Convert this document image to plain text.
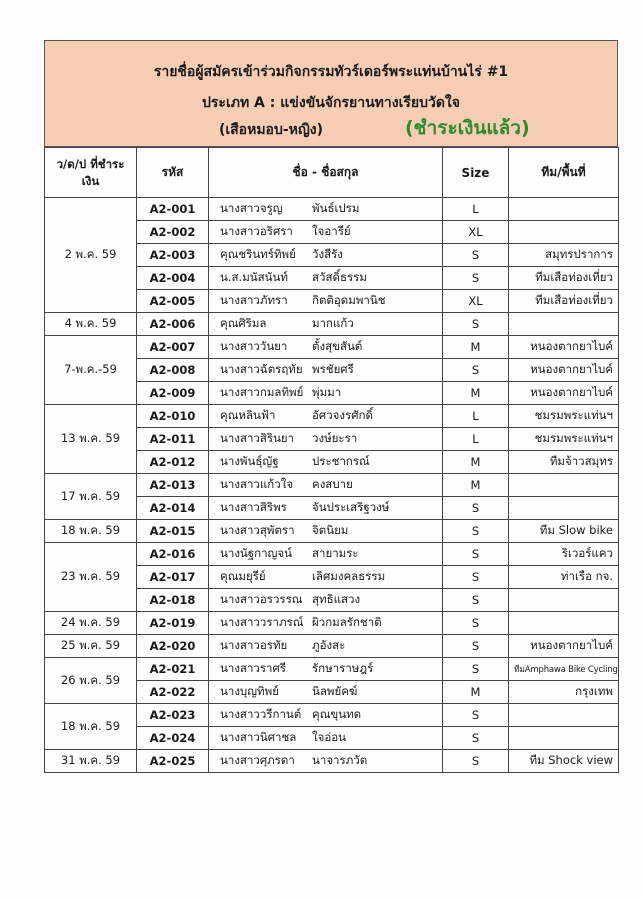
รายชื่อผู้สมัครเข้าร่วมกิจกรรมทัวร์เดอร์พระแท่นบ้านไร่ #1
ประเภท A : แข่งขันจักรยานทางเรียบวัดใจ
(เสือหมอบ-หญิง)	(ชำระเงินแล้ว)
ว/ด/ป ที่ชำระเงิน	รหัส	ชื่อ - ชื่อสกุล	Size	ทีม/พื้นที่
2 พ.ค. 59	A2-001	นางสาวจรูญ พันธ์เปรม	L	
	A2-002	นางสาวอริศรา ใจอารีย์	XL	
	A2-003	คุณชรินทร์ทิพย์ วังสีรัง	S	สมุทรปราการ
	A2-004	น.ส.มนัสนันท์ สวัสดิ์ธรรม	S	ทีมเสือท่องเที่ยว
	A2-005	นางสาวภัทรา กิตติอุดมพานิช	XL	ทีมเสือท่องเที่ยว
4 พ.ค. 59	A2-006	คุณศิริมล มากแก้ว	S	
7-พ.ค.-59	A2-007	นางสาววันยา ตั้งสุขสันต์	M	หนองตากยาไบค์
	A2-008	นางสาวฉัตรฤทัย พรชัยศรี	S	หนองตากยาไบค์
	A2-009	นางสาวกมลทิพย์ พุ่มมา	M	หนองตากยาไบค์
13 พ.ค. 59	A2-010	คุณหลินฟ้า อัศวจงรศักดิ์	L	ชมรมพระแท่นฯ
	A2-011	นางสาวสิรินยา วงษ์ยะรา	L	ชมรมพระแท่นฯ
	A2-012	นางพันธุ์ญัฐ ประชากรณ์	M	ทีมจ้าวสมุทร
17 พ.ค. 59	A2-013	นางสาวแก้วใจ คงสบาย	M	
	A2-014	นางสาวสิริพร จันประเสริฐวงษ์	S	
18 พ.ค. 59	A2-015	นางสาวสุพัตรา จิตนิยม	S	ทีม Slow bike
23 พ.ค. 59	A2-016	นางนัฐกาญจน์ สายามระ	S	ริเวอร์แคว
	A2-017	คุณมยุรีย์ เลิศมงคลธรรม	S	ท่าเรือ กจ.
	A2-018	นางสาวอรวรรณ สุทธิแสวง	S	
24 พ.ค. 59	A2-019	นางสาววราภรณ์ ผิวกมลรักชาติ	S	
25 พ.ค. 59	A2-020	นางสาวอรทัย ภูอังสะ	S	หนองตากยาไบค์
26 พ.ค. 59	A2-021	นางสาวราศรี รักษาราษฎร์	S	ทีมAmphawa Bike Cycling
	A2-022	นางบุญทิพย์ นิลพยัคฆ์	M	กรุงเทพ
18 พ.ค. 59	A2-023	นางสาววรีกานต์ คุณขุนทด	S	
	A2-024	นางสาวนิศาชล ใจอ่อน	S	
31 พ.ค. 59	A2-025	นางสาวศุภรดา นาจารภวัต	S	ทีม Shock view
